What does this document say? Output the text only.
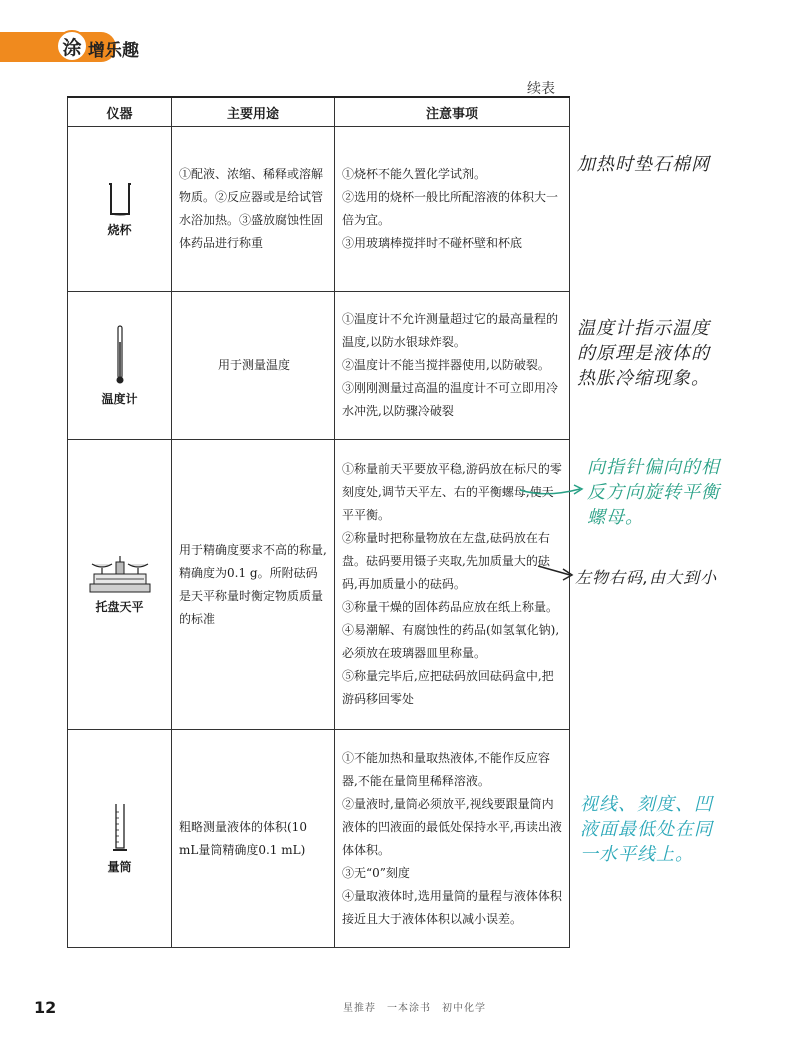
涂 增乐趣
续表
仪器	主要用途	注意事项

烧杯	①配液、浓缩、稀释或溶解物质。②反应器或是给试管水浴加热。③盛放腐蚀性固体药品进行称重	①烧杯不能久置化学试剂。

②选用的烧杯一般比所配溶液的体积大一倍为宜。

③用玻璃棒搅拌时不碰杯壁和杯底

温度计	用于测量温度	①温度计不允许测量超过它的最高量程的温度,以防水银球炸裂。

②温度计不能当搅拌器使用,以防破裂。

③刚刚测量过高温的温度计不可立即用冷水冲洗,以防骤冷破裂

托盘天平	用于精确度要求不高的称量,精确度为0.1 g。所附砝码是天平称量时衡定物质质量的标准	①称量前天平要放平稳,游码放在标尺的零刻度处,调节天平左、右的平衡螺母,使天平平衡。

②称量时把称量物放在左盘,砝码放在右盘。砝码要用镊子夹取,先加质量大的砝码,再加质量小的砝码。

③称量干燥的固体药品应放在纸上称量。

④易潮解、有腐蚀性的药品(如氢氧化钠),必须放在玻璃器皿里称量。

⑤称量完毕后,应把砝码放回砝码盒中,把游码移回零处

量筒	粗略测量液体的体积(10 mL量筒精确度0.1 mL)	①不能加热和量取热液体,不能作反应容器,不能在量筒里稀释溶液。

②量液时,量筒必须放平,视线要跟量筒内液体的凹液面的最低处保持水平,再读出液体体积。

③无“0”刻度

④量取液体时,选用量筒的量程与液体体积接近且大于液体体积以减小误差。

加热时垫石棉网
温度计指示温度的原理是液体的热胀冷缩现象。
向指针偏向的相反方向旋转平衡螺母。
左物右码,由大到小
视线、刻度、凹液面最低处在同一水平线上。
12	星推荐　一本涂书　初中化学
